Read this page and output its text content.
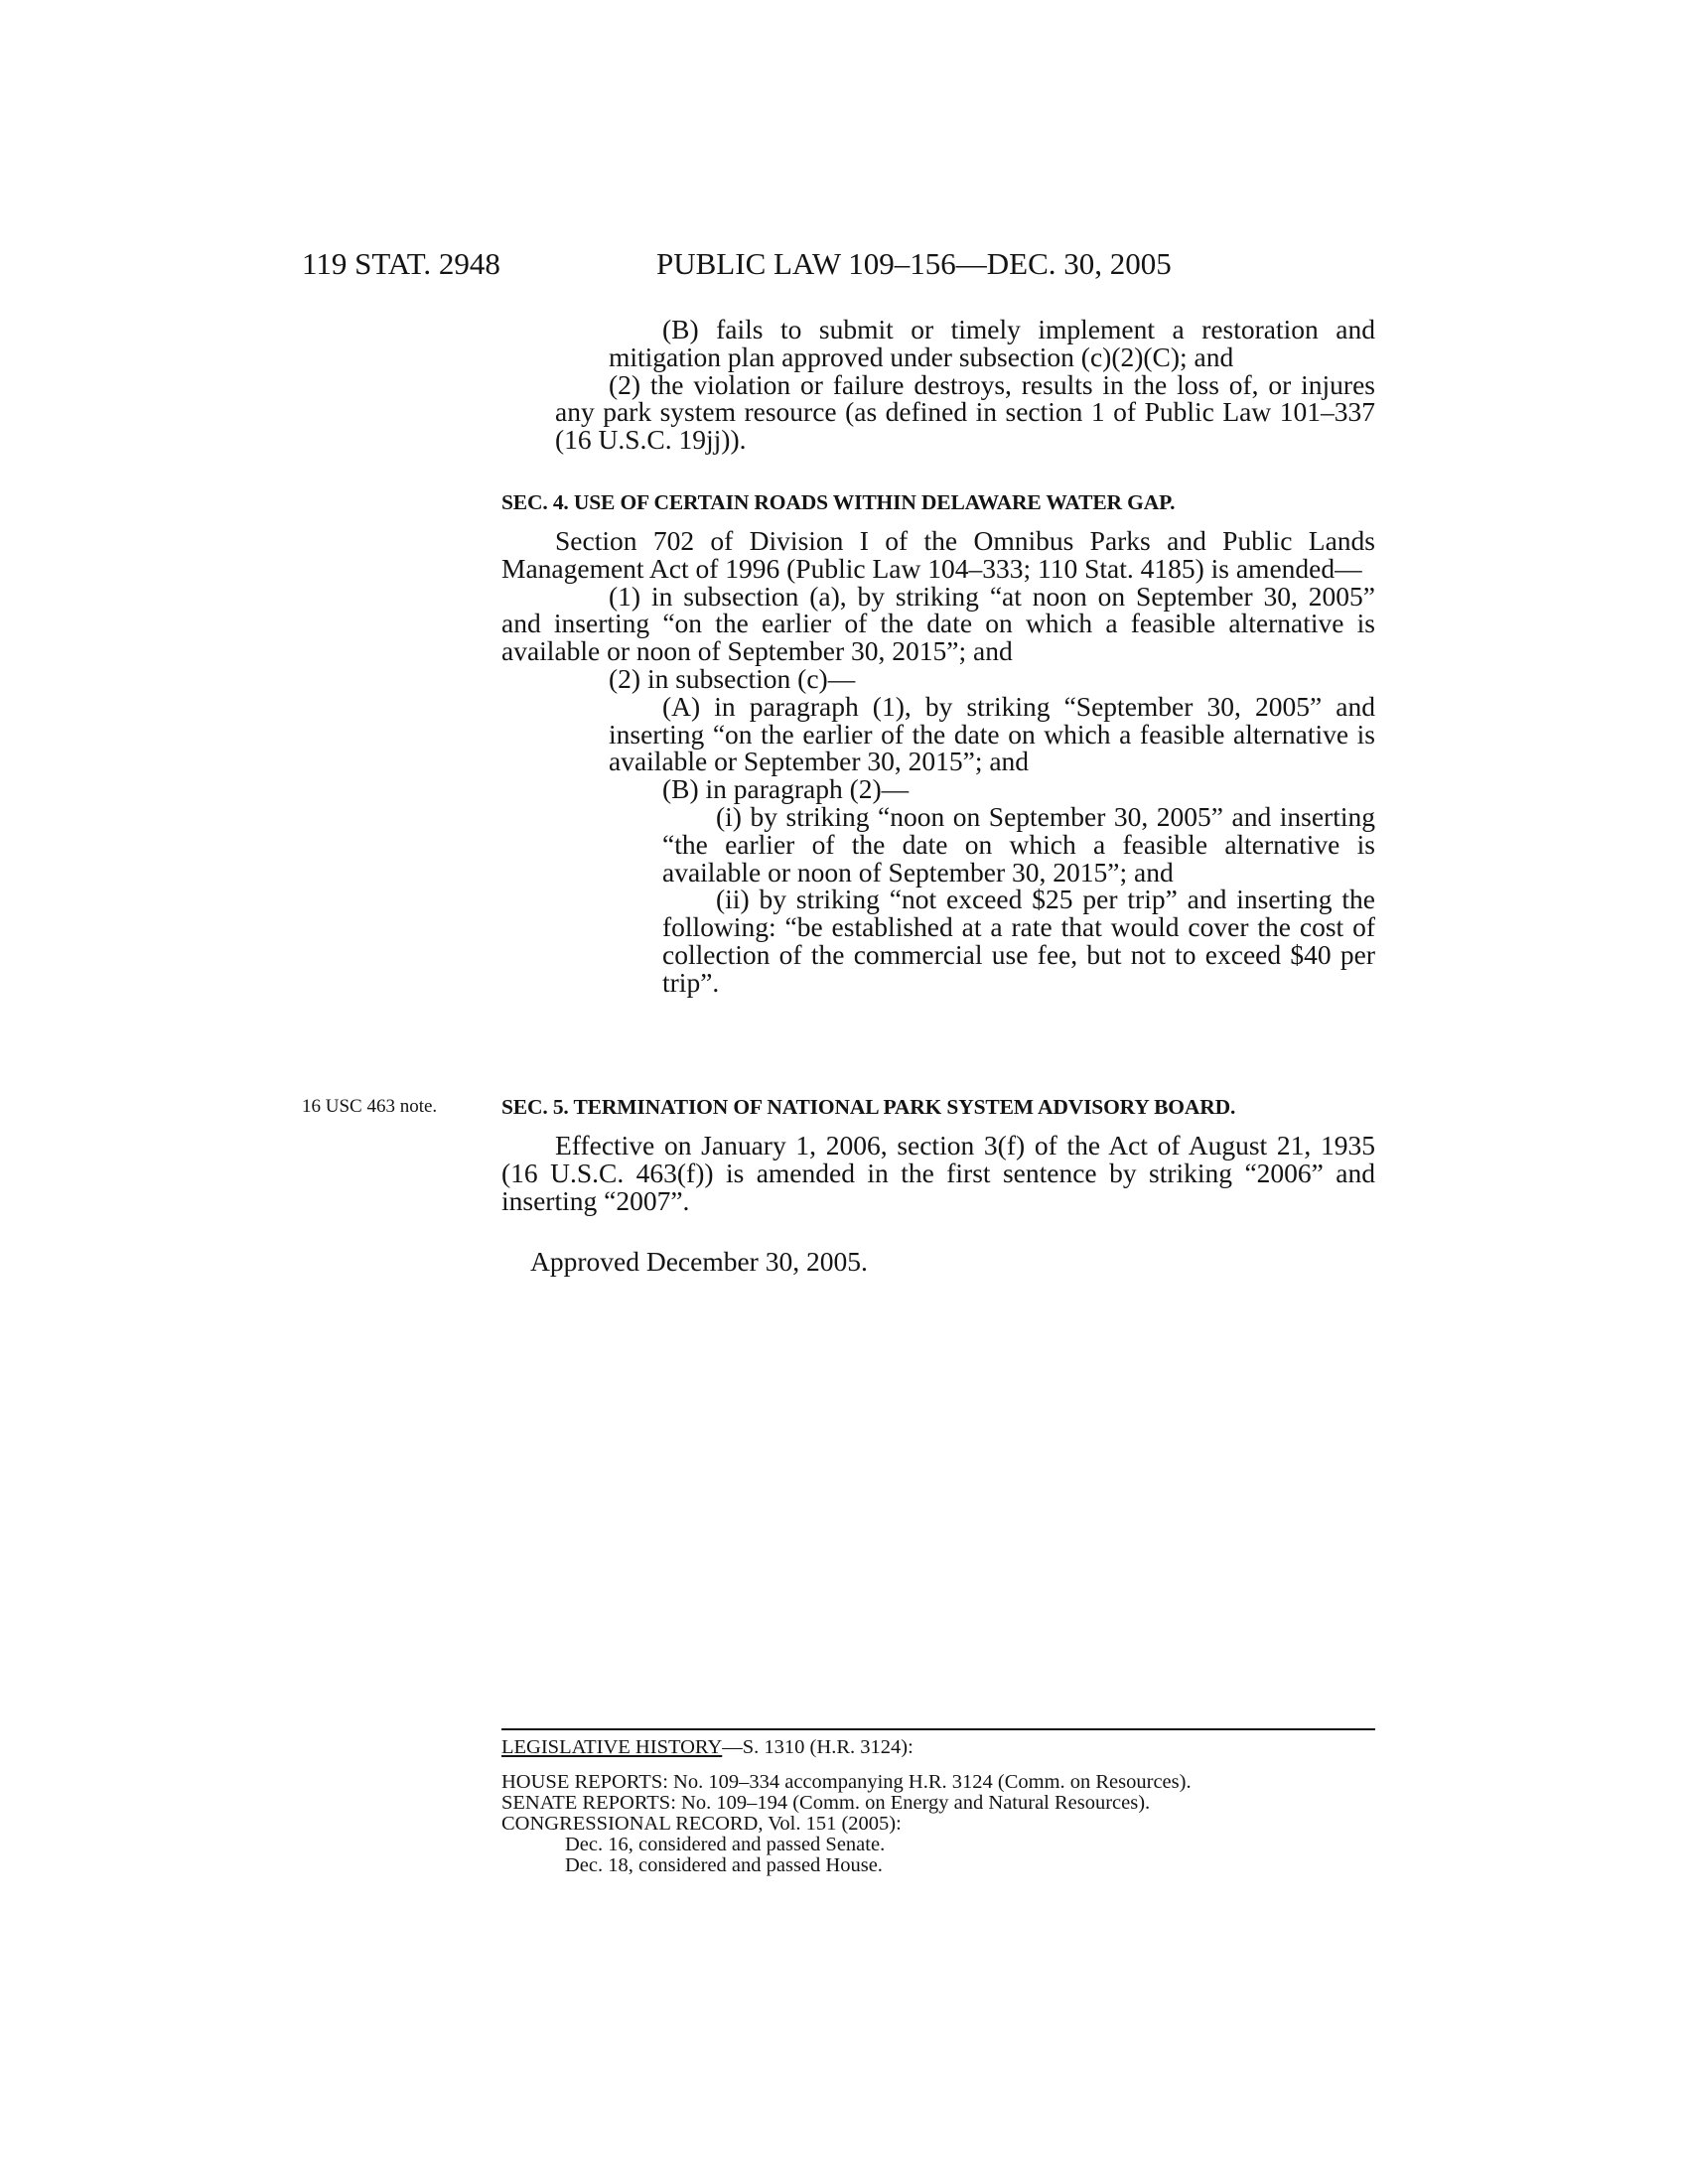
119 STAT. 2948	PUBLIC LAW 109–156—DEC. 30, 2005

(B) fails to submit or timely implement a restoration and mitigation plan approved under subsection (c)(2)(C); and

(2) the violation or failure destroys, results in the loss of, or injures any park system resource (as defined in section 1 of Public Law 101–337 (16 U.S.C. 19jj)).

SEC. 4. USE OF CERTAIN ROADS WITHIN DELAWARE WATER GAP.

Section 702 of Division I of the Omnibus Parks and Public Lands Management Act of 1996 (Public Law 104–333; 110 Stat. 4185) is amended—

(1) in subsection (a), by striking “at noon on September 30, 2005” and inserting “on the earlier of the date on which a feasible alternative is available or noon of September 30, 2015”; and

(2) in subsection (c)—

(A) in paragraph (1), by striking “September 30, 2005” and inserting “on the earlier of the date on which a feasible alternative is available or September 30, 2015”; and

(B) in paragraph (2)—

(i) by striking “noon on September 30, 2005” and inserting “the earlier of the date on which a feasible alternative is available or noon of September 30, 2015”; and

(ii) by striking “not exceed $25 per trip” and inserting the following: “be established at a rate that would cover the cost of collection of the commercial use fee, but not to exceed $40 per trip”.

16 USC 463 note.	SEC. 5. TERMINATION OF NATIONAL PARK SYSTEM ADVISORY BOARD.

Effective on January 1, 2006, section 3(f) of the Act of August 21, 1935 (16 U.S.C. 463(f)) is amended in the first sentence by striking “2006” and inserting “2007”.

Approved December 30, 2005.
LEGISLATIVE HISTORY—S. 1310 (H.R. 3124):
HOUSE REPORTS: No. 109–334 accompanying H.R. 3124 (Comm. on Resources).
SENATE REPORTS: No. 109–194 (Comm. on Energy and Natural Resources).
CONGRESSIONAL RECORD, Vol. 151 (2005):
Dec. 16, considered and passed Senate.
Dec. 18, considered and passed House.
